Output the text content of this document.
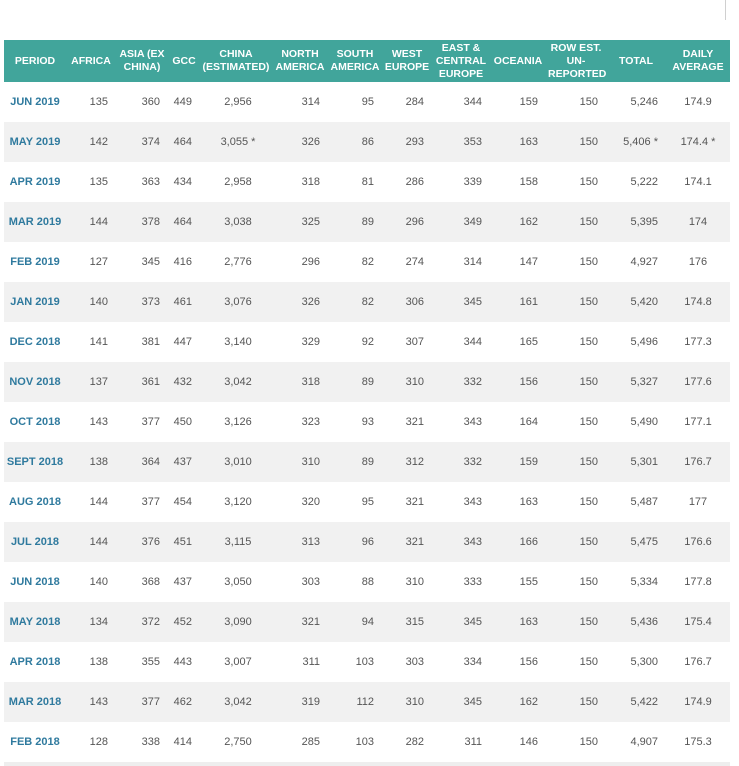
PERIOD	AFRICA	ASIA (EX CHINA)	GCC	CHINA (ESTIMATED)	NORTH AMERICA	SOUTH AMERICA	WEST EUROPE	EAST & CENTRAL EUROPE	OCEANIA	ROW EST. UN-REPORTED	TOTAL	DAILY AVERAGE
JUN 2019	135	360	449	2,956	314	95	284	344	159	150	5,246	174.9
MAY 2019	142	374	464	3,055 *	326	86	293	353	163	150	5,406 *	174.4 *
APR 2019	135	363	434	2,958	318	81	286	339	158	150	5,222	174.1
MAR 2019	144	378	464	3,038	325	89	296	349	162	150	5,395	174
FEB 2019	127	345	416	2,776	296	82	274	314	147	150	4,927	176
JAN 2019	140	373	461	3,076	326	82	306	345	161	150	5,420	174.8
DEC 2018	141	381	447	3,140	329	92	307	344	165	150	5,496	177.3
NOV 2018	137	361	432	3,042	318	89	310	332	156	150	5,327	177.6
OCT 2018	143	377	450	3,126	323	93	321	343	164	150	5,490	177.1
SEPT 2018	138	364	437	3,010	310	89	312	332	159	150	5,301	176.7
AUG 2018	144	377	454	3,120	320	95	321	343	163	150	5,487	177
JUL 2018	144	376	451	3,115	313	96	321	343	166	150	5,475	176.6
JUN 2018	140	368	437	3,050	303	88	310	333	155	150	5,334	177.8
MAY 2018	134	372	452	3,090	321	94	315	345	163	150	5,436	175.4
APR 2018	138	355	443	3,007	311	103	303	334	156	150	5,300	176.7
MAR 2018	143	377	462	3,042	319	112	310	345	162	150	5,422	174.9
FEB 2018	128	338	414	2,750	285	103	282	311	146	150	4,907	175.3
